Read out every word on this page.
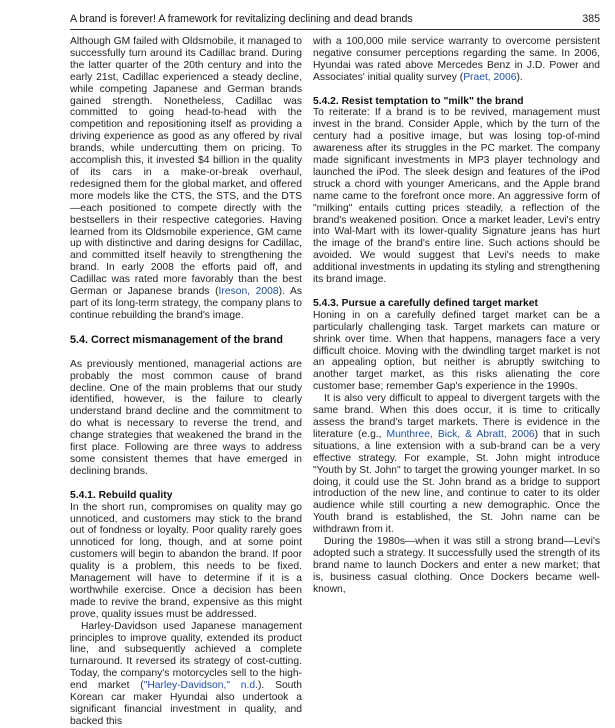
A brand is forever! A framework for revitalizing declining and dead brands	385

Although GM failed with Oldsmobile, it managed to successfully turn around its Cadillac brand. During the latter quarter of the 20th century and into the early 21st, Cadillac experienced a steady decline, while competing Japanese and German brands gained strength. Nonetheless, Cadillac was committed to going head-to-head with the competition and repositioning itself as providing a driving experience as good as any offered by rival brands, while undercutting them on pricing. To accomplish this, it invested $4 billion in the quality of its cars in a make-or-break overhaul, redesigned them for the global market, and offered more models like the CTS, the STS, and the DTS—each positioned to compete directly with the bestsellers in their respective categories. Having learned from its Oldsmobile experience, GM came up with distinctive and daring designs for Cadillac, and committed itself heavily to strengthening the brand. In early 2008 the efforts paid off, and Cadillac was rated more favorably than the best German or Japanese brands (Ireson, 2008). As part of its long-term strategy, the company plans to continue rebuilding the brand's image.

5.4. Correct mismanagement of the brand

As previously mentioned, managerial actions are probably the most common cause of brand decline. One of the main problems that our study identified, however, is the failure to clearly understand brand decline and the commitment to do what is necessary to reverse the trend, and change strategies that weakened the brand in the first place. Following are three ways to address some consistent themes that have emerged in declining brands.

5.4.1. Rebuild quality

In the short run, compromises on quality may go unnoticed, and customers may stick to the brand out of fondness or loyalty. Poor quality rarely goes unnoticed for long, though, and at some point customers will begin to abandon the brand. If poor quality is a problem, this needs to be fixed. Management will have to determine if it is a worthwhile exercise. Once a decision has been made to revive the brand, expensive as this might prove, quality issues must be addressed.

Harley-Davidson used Japanese management principles to improve quality, extended its product line, and subsequently achieved a complete turnaround. It reversed its strategy of cost-cutting. Today, the company's motorcycles sell to the high-end market ("Harley-Davidson," n.d.). South Korean car maker Hyundai also undertook a significant financial investment in quality, and backed this

with a 100,000 mile service warranty to overcome persistent negative consumer perceptions regarding the same. In 2006, Hyundai was rated above Mercedes Benz in J.D. Power and Associates' initial quality survey (Praet, 2006).

5.4.2. Resist temptation to "milk" the brand

To reiterate: If a brand is to be revived, management must invest in the brand. Consider Apple, which by the turn of the century had a positive image, but was losing top-of-mind awareness after its struggles in the PC market. The company made significant investments in MP3 player technology and launched the iPod. The sleek design and features of the iPod struck a chord with younger Americans, and the Apple brand name came to the forefront once more. An aggressive form of "milking" entails cutting prices steadily, a reflection of the brand's weakened position. Once a market leader, Levi's entry into Wal-Mart with its lower-quality Signature jeans has hurt the image of the brand's entire line. Such actions should be avoided. We would suggest that Levi's needs to make additional investments in updating its styling and strengthening its brand image.

5.4.3. Pursue a carefully defined target market

Honing in on a carefully defined target market can be a particularly challenging task. Target markets can mature or shrink over time. When that happens, managers face a very difficult choice. Moving with the dwindling target market is not an appealing option, but neither is abruptly switching to another target market, as this risks alienating the core customer base; remember Gap's experience in the 1990s.

It is also very difficult to appeal to divergent targets with the same brand. When this does occur, it is time to critically assess the brand's target markets. There is evidence in the literature (e.g., Munthree, Bick, & Abratt, 2006) that in such situations, a line extension with a sub-brand can be a very effective strategy. For example, St. John might introduce "Youth by St. John" to target the growing younger market. In so doing, it could use the St. John brand as a bridge to support introduction of the new line, and continue to cater to its older audience while still courting a new demographic. Once the Youth brand is established, the St. John name can be withdrawn from it.

During the 1980s—when it was still a strong brand—Levi's adopted such a strategy. It successfully used the strength of its brand name to launch Dockers and enter a new market; that is, business casual clothing. Once Dockers became well-known,
